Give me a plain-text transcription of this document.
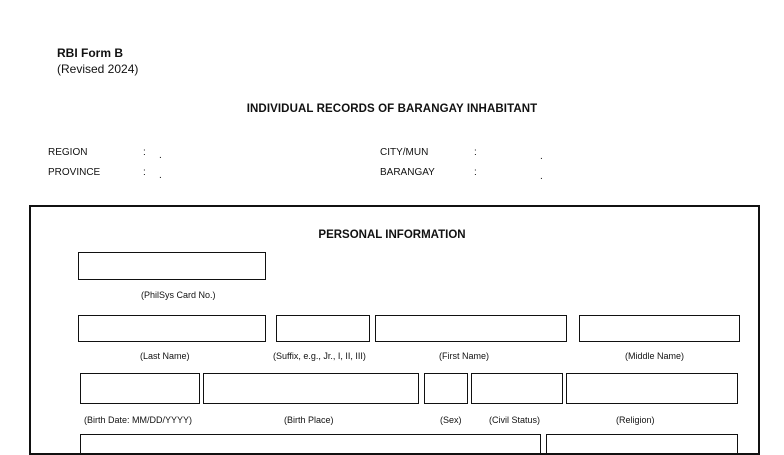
RBI Form B
(Revised 2024)
INDIVIDUAL RECORDS OF BARANGAY INHABITANT
REGION	: .
PROVINCE	: .
CITY/MUN	:	.
BARANGAY	:	.
PERSONAL INFORMATION
(PhilSys Card No.)
(Last Name)	(Suffix, e.g., Jr., I, II, III)	(First Name)	(Middle Name)
(Birth Date: MM/DD/YYYY)	(Birth Place)	(Sex)	(Civil Status)	(Religion)
